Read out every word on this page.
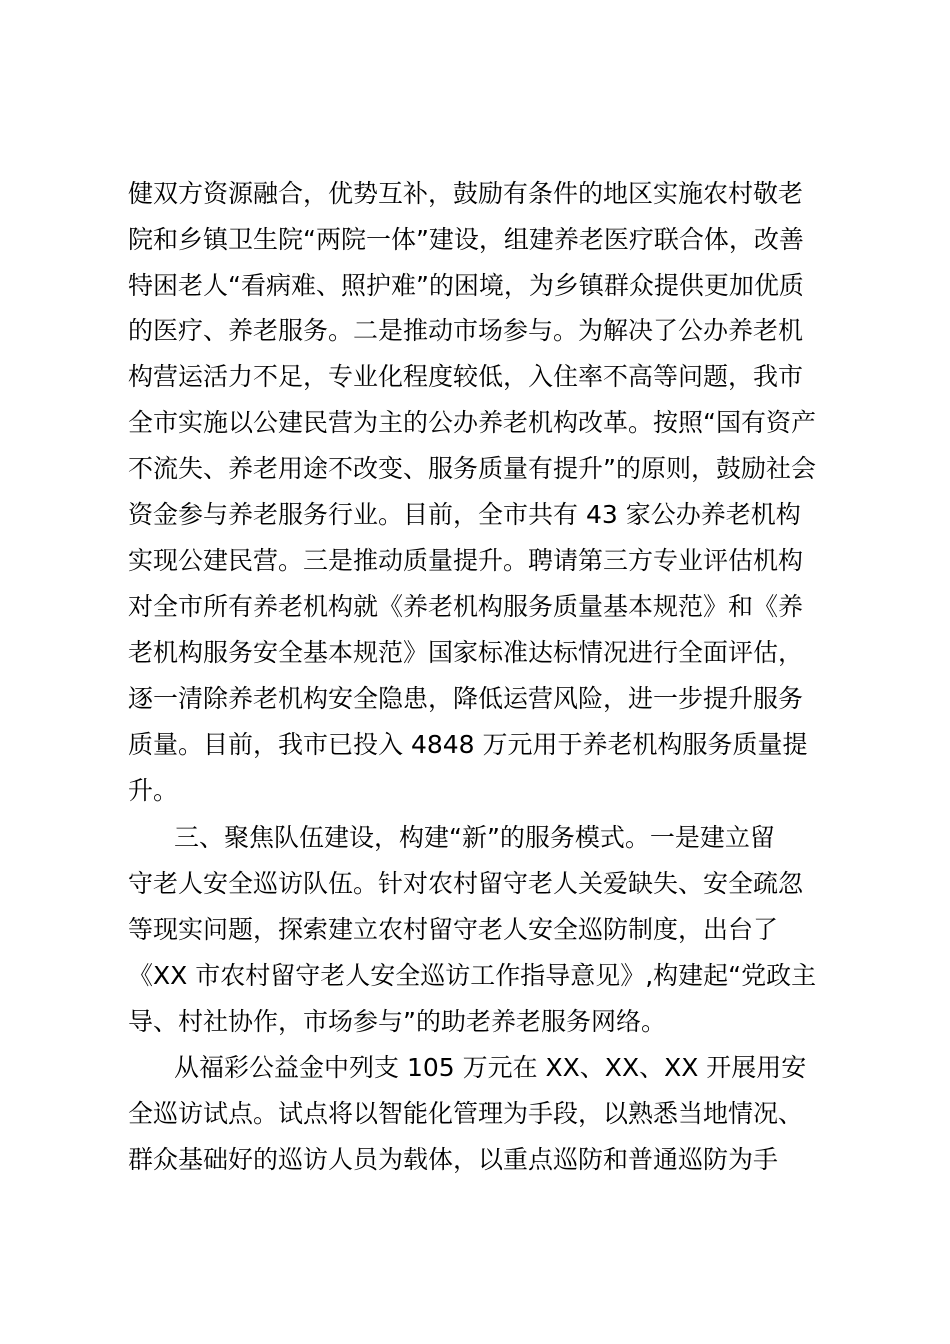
健双方资源融合，优势互补，鼓励有条件的地区实施农村敬老
院和乡镇卫生院“两院一体”建设，组建养老医疗联合体，改善
特困老人“看病难、照护难”的困境，为乡镇群众提供更加优质
的医疗、养老服务。二是推动市场参与。为解决了公办养老机
构营运活力不足，专业化程度较低，入住率不高等问题，我市
全市实施以公建民营为主的公办养老机构改革。按照“国有资产
不流失、养老用途不改变、服务质量有提升”的原则，鼓励社会
资金参与养老服务行业。目前，全市共有 43 家公办养老机构
实现公建民营。三是推动质量提升。聘请第三方专业评估机构
对全市所有养老机构就《养老机构服务质量基本规范》和《养
老机构服务安全基本规范》国家标准达标情况进行全面评估，
逐一清除养老机构安全隐患，降低运营风险，进一步提升服务
质量。目前，我市已投入 4848 万元用于养老机构服务质量提
升。
三、聚焦队伍建设，构建“新”的服务模式。一是建立留
守老人安全巡访队伍。针对农村留守老人关爱缺失、安全疏忽
等现实问题，探索建立农村留守老人安全巡防制度，出台了
《XX 市农村留守老人安全巡访工作指导意见》,构建起“党政主
导、村社协作，市场参与”的助老养老服务网络。
从福彩公益金中列支 105 万元在 XX、XX、XX 开展用安
全巡访试点。试点将以智能化管理为手段，以熟悉当地情况、
群众基础好的巡访人员为载体，以重点巡防和普通巡防为手
